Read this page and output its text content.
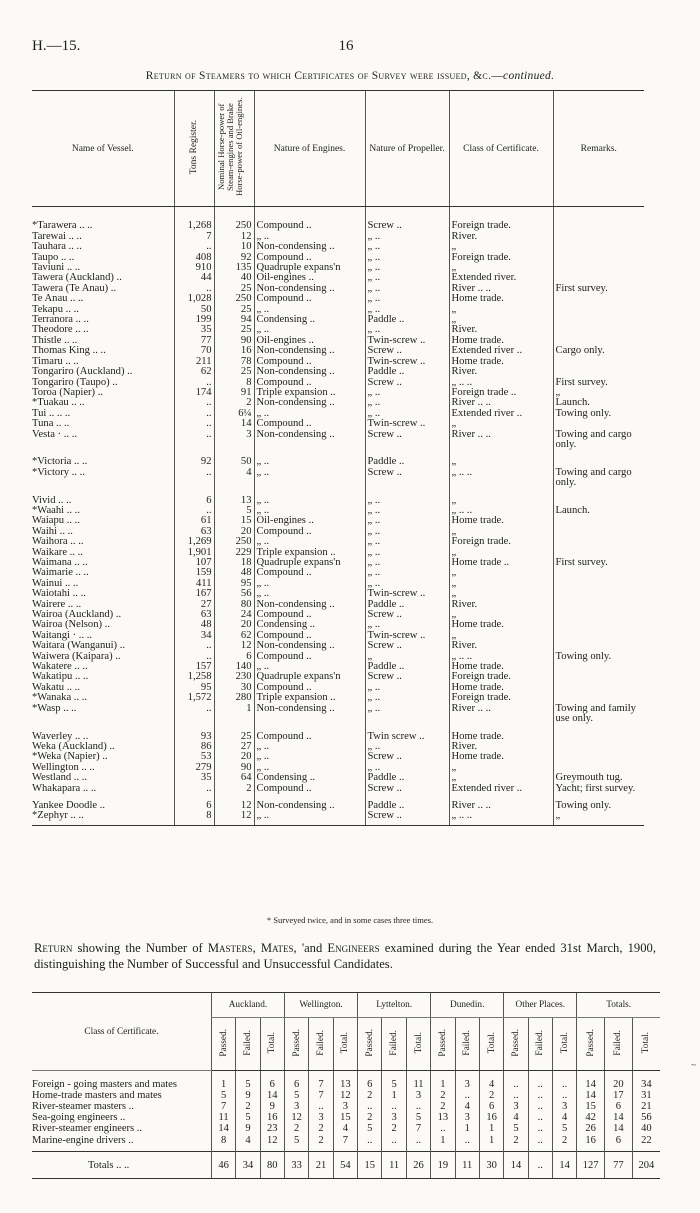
H.—15.	16
Return of Steamers to which Certificates of Survey were issued, &c.—continued.
Name of Vessel.	Tons Register.	Nominal Horse-power of Steam-engines and Brake Horse-power of Oil-engines.	Nature of Engines.	Nature of Propeller.	Class of Certificate.	Remarks.

*Tarawera .. ..	1,268	250	Compound ..	Screw ..	Foreign trade.	
Tarewai .. ..	7	12	„ ..	„ ..	River.	
Tauhara .. ..	..	10	Non-condensing ..	„ ..	„	
Taupo .. ..	408	92	Compound ..	„ ..	Foreign trade.	
Taviuni .. ..	910	135	Quadruple expans'n	„ ..	„	
Tawera (Auckland) ..	44	40	Oil-engines ..	„ ..	Extended river.	
Tawera (Te Anau) ..	..	25	Non-condensing ..	„ ..	River .. ..	First survey.
Te Anau .. ..	1,028	250	Compound ..	„ ..	Home trade.	
Tekapu .. ..	50	25	„ ..	„ ..	„	
Terranora .. ..	199	94	Condensing ..	Paddle ..	„	
Theodore .. ..	35	25	„ ..	„ ..	River.	
Thistle .. ..	77	90	Oil-engines ..	Twin-screw ..	Home trade.	
Thomas King .. ..	70	16	Non-condensing ..	Screw ..	Extended river ..	Cargo only.
Timaru .. ..	211	78	Compound ..	Twin-screw ..	Home trade.	
Tongariro (Auckland) ..	62	25	Non-condensing ..	Paddle ..	River.	
Tongariro (Taupo) ..	..	8	Compound ..	Screw ..	„ .. ..	First survey.
Toroa (Napier) ..	174	91	Triple expansion ..	„ ..	Foreign trade ..	„
*Tuakau .. ..	..	2	Non-condensing ..	„ ..	River .. ..	Launch.
Tui .. .. ..	..	6¼	„ ..	„ ..	Extended river ..	Towing only.
Tuna .. ..	..	14	Compound ..	Twin-screw ..	„	
Vesta · .. ..	..	3	Non-condensing ..	Screw ..	River .. ..	Towing and cargo only.

*Victoria .. ..	92	50	„ ..	Paddle ..	„	
*Victory .. ..	..	4	„ ..	Screw ..	„ .. ..	Towing and cargo only.

Vivid .. ..	6	13	„ ..	„ ..	„	
*Waahi .. ..	..	5	„ ..	„ ..	„ .. ..	Launch.
Waiapu .. ..	61	15	Oil-engines ..	„ ..	Home trade.	
Waihi .. ..	63	20	Compound ..	„ ..	„	
Waihora .. ..	1,269	250	„ ..	„ ..	Foreign trade.	
Waikare .. ..	1,901	229	Triple expansion ..	„ ..	„	
Waimana .. ..	107	18	Quadruple expans'n	„ ..	Home trade ..	First survey.
Waimarie .. ..	159	48	Compound ..	„ ..	„	
Wainui .. ..	411	95	„ ..	„ ..	„	
Waiotahi .. ..	167	56	„ ..	Twin-screw ..	„	
Wairere .. ..	27	80	Non-condensing ..	Paddle ..	River.	
Wairoa (Auckland) ..	63	24	Compound ..	Screw ..	„	
Wairoa (Nelson) ..	48	20	Condensing ..	„ ..	Home trade.	
Waitangi · .. ..	34	62	Compound ..	Twin-screw ..	„	
Waitara (Wanganui) ..	..	12	Non-condensing ..	Screw ..	River.	
Waiwera (Kaipara) ..	..	6	Compound ..	„	„ .. ..	Towing only.
Wakatere .. ..	157	140	„ ..	Paddle ..	Home trade.	
Wakatipu .. ..	1,258	230	Quadruple expans'n	Screw ..	Foreign trade.	
Wakatu .. ..	95	30	Compound ..	„ ..	Home trade.	
*Wanaka .. ..	1,572	280	Triple expansion ..	„ ..	Foreign trade.	
*Wasp .. ..	..	1	Non-condensing ..	„ ..	River .. ..	Towing and family use only.

Waverley .. ..	93	25	Compound ..	Twin screw ..	Home trade.	
Weka (Auckland) ..	86	27	„ ..	„ ..	River.	
*Weka (Napier) ..	53	20	„ ..	Screw ..	Home trade.	
Wellington .. ..	279	90	„ ..	„ ..	„	
Westland .. ..	35	64	Condensing ..	Paddle ..	„	Greymouth tug.
Whakapara .. ..	..	2	Compound ..	Screw ..	Extended river ..	Yacht; first survey.

Yankee Doodle ..	6	12	Non-condensing ..	Paddle ..	River .. ..	Towing only.
*Zephyr .. ..	8	12	„ ..	Screw ..	„ .. ..	„
* Surveyed twice, and in some cases three times.
Return showing the Number of Masters, Mates, 'and Engineers examined during the Year ended 31st March, 1900, distinguishing the Number of Successful and Unsuccessful Candidates.
Class of Certificate.	Auckland.			Wellington.			Lyttelton.			Dunedin.			Other Places.			Totals.		
	Passed.	Failed.	Total.	Passed.	Failed.	Total.	Passed.	Failed.	Total.	Passed.	Failed.	Total.	Passed.	Failed.	Total.	Passed.	Failed.	Total.

Foreign - going masters and mates	1	5	6	6	7	13	6	5	11	1	3	4	..	..	..	14	20	34
Home-trade masters and mates	5	9	14	5	7	12	2	1	3	2	..	2	..	..	..	14	17	31
River-steamer masters ..	7	2	9	3	..	3	..	..	..	2	4	6	3	..	3	15	6	21
Sea-going engineers ..	11	5	16	12	3	15	2	3	5	13	3	16	4	..	4	42	14	56
River-steamer engineers ..	14	9	23	2	2	4	5	2	7	..	1	1	5	..	5	26	14	40
Marine-engine drivers ..	8	4	12	5	2	7	..	..	..	1	..	1	2	..	2	16	6	22

Totals .. ..	46	34	80	33	21	54	15	11	26	19	11	30	14	..	14	127	77	204
~
